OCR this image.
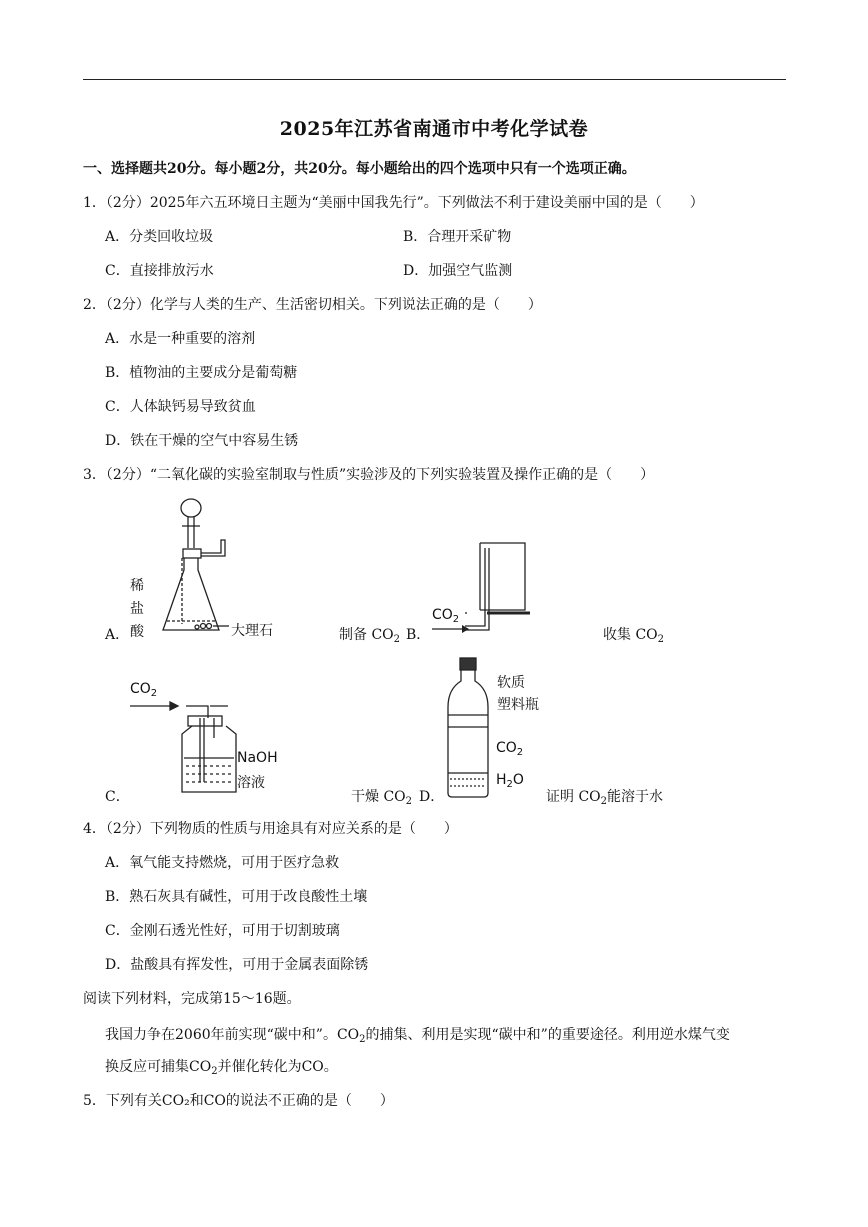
2025年江苏省南通市中考化学试卷
一、选择题共20分。每小题2分，共20分。每小题给出的四个选项中只有一个选项正确。
1．（2分）2025年六五环境日主题为“美丽中国我先行”。下列做法不利于建设美丽中国的是（　　）
A．分类回收垃圾	B．合理开采矿物
C．直接排放污水	D．加强空气监测
2．（2分）化学与人类的生产、生活密切相关。下列说法正确的是（　　）
A．水是一种重要的溶剂
B．植物油的主要成分是葡萄糖
C．人体缺钙易导致贫血
D．铁在干燥的空气中容易生锈
3．（2分）“二氧化碳的实验室制取与性质”实验涉及的下列实验装置及操作正确的是（　　）
稀
盐
酸	大理石
A．	制备 $CO_2$ B．
$CO_2$
收集 $CO_2$
$CO_2$
NaOH
溶液
C．	干燥 $CO_2$ D．
软质
塑料瓶
$CO_2$
$H_2O$
证明 $CO_2$能溶于水
4．（2分）下列物质的性质与用途具有对应关系的是（　　）
A．氧气能支持燃烧，可用于医疗急救
B．熟石灰具有碱性，可用于改良酸性土壤
C．金刚石透光性好，可用于切割玻璃
D．盐酸具有挥发性，可用于金属表面除锈
阅读下列材料，完成第15～16题。
我国力争在2060年前实现“碳中和”。$CO_2$的捕集、利用是实现“碳中和”的重要途径。利用逆水煤气变
换反应可捕集$CO_2$并催化转化为CO。
5．下列有关CO₂和CO的说法不正确的是（　　）
